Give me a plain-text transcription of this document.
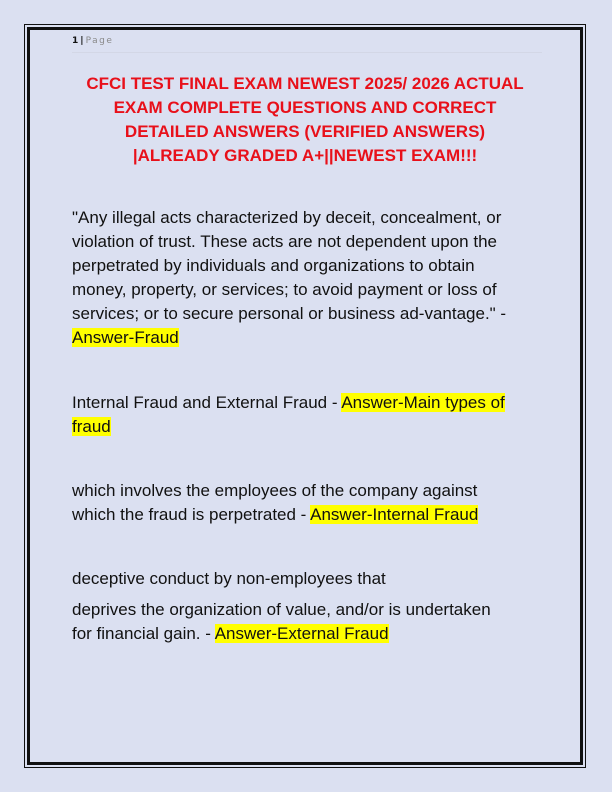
1 | Page
CFCI TEST FINAL EXAM NEWEST 2025/ 2026 ACTUAL
EXAM COMPLETE QUESTIONS AND CORRECT
DETAILED ANSWERS (VERIFIED ANSWERS)
|ALREADY GRADED A+||NEWEST EXAM!!!
"Any illegal acts characterized by deceit, concealment, or
violation of trust. These acts are not dependent upon the
perpetrated by individuals and organizations to obtain
money, property, or services; to avoid payment or loss of
services; or to secure personal or business ad-vantage." -
Answer-Fraud
Internal Fraud and External Fraud - Answer-Main types of
fraud
which involves the employees of the company against
which the fraud is perpetrated - Answer-Internal Fraud
deceptive conduct by non-employees that
deprives the organization of value, and/or is undertaken
for financial gain. - Answer-External Fraud
